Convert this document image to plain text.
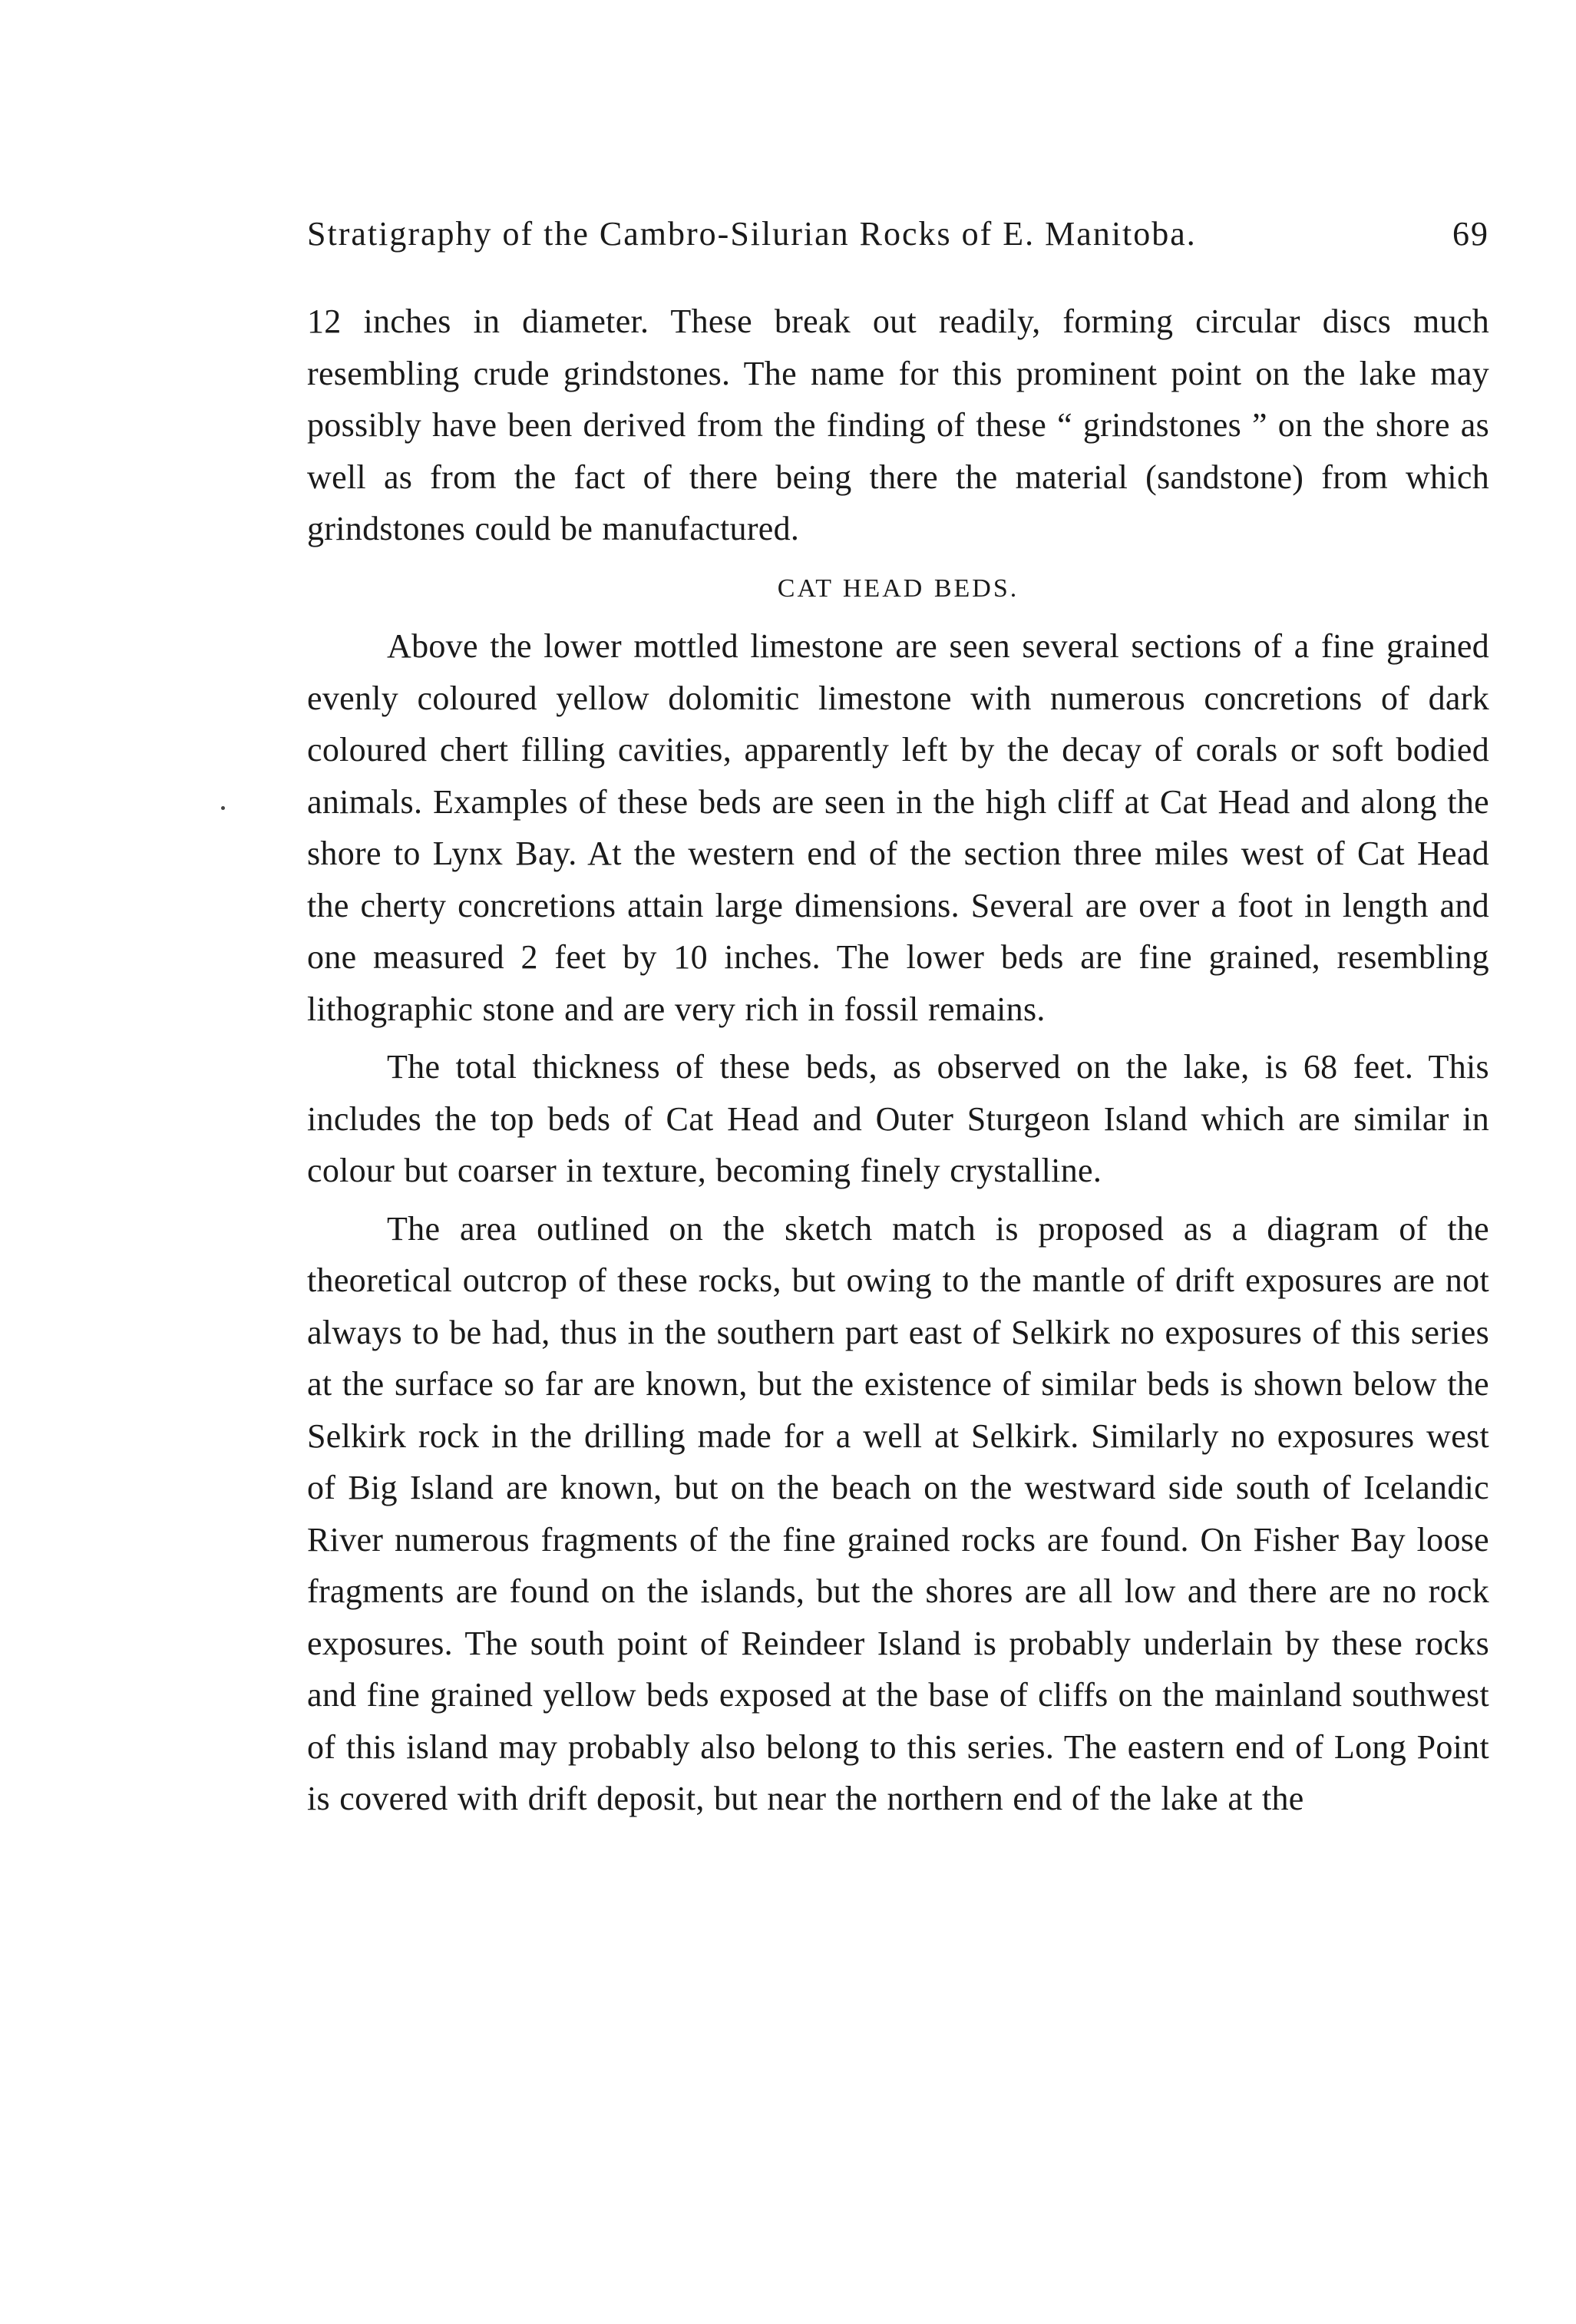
Stratigraphy of the Cambro-Silurian Rocks of E. Manitoba.	69

12 inches in diameter. These break out readily, forming circular discs much resembling crude grindstones. The name for this prominent point on the lake may possibly have been derived from the finding of these “ grindstones ” on the shore as well as from the fact of there being there the material (sandstone) from which grindstones could be manufactured.

CAT HEAD BEDS.

Above the lower mottled limestone are seen several sections of a fine grained evenly coloured yellow dolomitic limestone with numerous concretions of dark coloured chert filling cavities, apparently left by the decay of corals or soft bodied animals. Examples of these beds are seen in the high cliff at Cat Head and along the shore to Lynx Bay. At the western end of the section three miles west of Cat Head the cherty concretions attain large dimensions. Several are over a foot in length and one measured 2 feet by 10 inches. The lower beds are fine grained, resembling lithographic stone and are very rich in fossil remains.

The total thickness of these beds, as observed on the lake, is 68 feet. This includes the top beds of Cat Head and Outer Sturgeon Island which are similar in colour but coarser in texture, becoming finely crystalline.

The area outlined on the sketch match is proposed as a diagram of the theoretical outcrop of these rocks, but owing to the mantle of drift exposures are not always to be had, thus in the southern part east of Selkirk no exposures of this series at the surface so far are known, but the existence of similar beds is shown below the Selkirk rock in the drilling made for a well at Selkirk. Similarly no exposures west of Big Island are known, but on the beach on the westward side south of Icelandic River numerous fragments of the fine grained rocks are found. On Fisher Bay loose fragments are found on the islands, but the shores are all low and there are no rock exposures. The south point of Reindeer Island is probably underlain by these rocks and fine grained yellow beds exposed at the base of cliffs on the mainland southwest of this island may probably also belong to this series. The eastern end of Long Point is covered with drift deposit, but near the northern end of the lake at the
